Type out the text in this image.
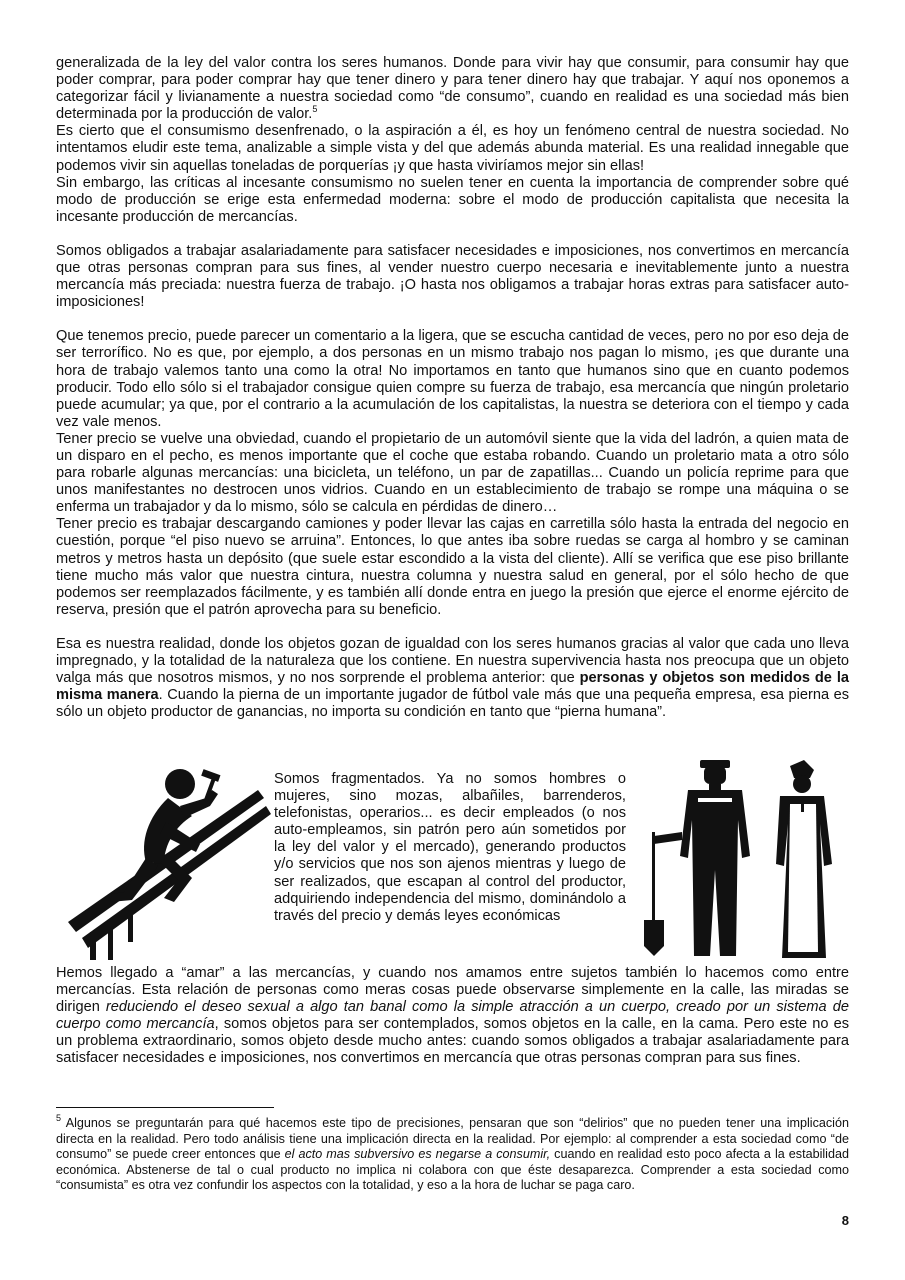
generalizada de la ley del valor contra los seres humanos. Donde para vivir hay que consumir, para consumir hay que poder comprar, para poder comprar hay que tener dinero y para tener dinero hay que trabajar. Y aquí nos oponemos a categorizar fácil y livianamente a nuestra sociedad como “de consumo”, cuando en realidad es una sociedad más bien determinada por la producción de valor.$^5$

Es cierto que el consumismo desenfrenado, o la aspiración a él, es hoy un fenómeno central de nuestra sociedad. No intentamos eludir este tema, analizable a simple vista y del que además abunda material. Es una realidad innegable que podemos vivir sin aquellas toneladas de porquerías ¡y que hasta viviríamos mejor sin ellas!

Sin embargo, las críticas al incesante consumismo no suelen tener en cuenta la importancia de comprender sobre qué modo de producción se erige esta enfermedad moderna: sobre el modo de producción capitalista que necesita la incesante producción de mercancías.

Somos obligados a trabajar asalariadamente para satisfacer necesidades e imposiciones, nos convertimos en mercancía que otras personas compran para sus fines, al vender nuestro cuerpo necesaria e inevitablemente junto a nuestra mercancía más preciada: nuestra fuerza de trabajo. ¡O hasta nos obligamos a trabajar horas extras para satisfacer auto-imposiciones!

Que tenemos precio, puede parecer un comentario a la ligera, que se escucha cantidad de veces, pero no por eso deja de ser terrorífico. No es que, por ejemplo, a dos personas en un mismo trabajo nos pagan lo mismo, ¡es que durante una hora de trabajo valemos tanto una como la otra! No importamos en tanto que humanos sino que en cuanto podemos producir. Todo ello sólo si el trabajador consigue quien compre su fuerza de trabajo, esa mercancía que ningún proletario puede acumular; ya que, por el contrario a la acumulación de los capitalistas, la nuestra se deteriora con el tiempo y cada vez vale menos.

Tener precio se vuelve una obviedad, cuando el propietario de un automóvil siente que la vida del ladrón, a quien mata de un disparo en el pecho, es menos importante que el coche que estaba robando. Cuando un proletario mata a otro sólo para robarle algunas mercancías: una bicicleta, un teléfono, un par de zapatillas... Cuando un policía reprime para que unos manifestantes no destrocen unos vidrios. Cuando en un establecimiento de trabajo se rompe una máquina o se enferma un trabajador y da lo mismo, sólo se calcula en pérdidas de dinero…

Tener precio es trabajar descargando camiones y poder llevar las cajas en carretilla sólo hasta la entrada del negocio en cuestión, porque “el piso nuevo se arruina”. Entonces, lo que antes iba sobre ruedas se carga al hombro y se caminan metros y metros hasta un depósito (que suele estar escondido a la vista del cliente). Allí se verifica que ese piso brillante tiene mucho más valor que nuestra cintura, nuestra columna y nuestra salud en general, por el sólo hecho de que podemos ser reemplazados fácilmente, y es también allí donde entra en juego la presión que ejerce el enorme ejército de reserva, presión que el patrón aprovecha para su beneficio.

Esa es nuestra realidad, donde los objetos gozan de igualdad con los seres humanos gracias al valor que cada uno lleva impregnado, y la totalidad de la naturaleza que los contiene. En nuestra supervivencia hasta nos preocupa que un objeto valga más que nosotros mismos, y no nos sorprende el problema anterior: que personas y objetos son medidos de la misma manera. Cuando la pierna de un importante jugador de fútbol vale más que una pequeña empresa, esa pierna es sólo un objeto productor de ganancias, no importa su condición en tanto que “pierna humana”.

Somos fragmentados. Ya no somos hombres o mujeres, sino mozas, albañiles, barrenderos, telefonistas, operarios... es decir empleados (o nos auto-empleamos, sin patrón pero aún sometidos por la ley del valor y el mercado), generando productos y/o servicios que nos son ajenos mientras y luego de ser realizados, que escapan al control del productor, adquiriendo independencia del mismo, dominándolo a través del precio y demás leyes económicas

Hemos llegado a “amar” a las mercancías, y cuando nos amamos entre sujetos también lo hacemos como entre mercancías. Esta relación de personas como meras cosas puede observarse simplemente en la calle, las miradas se dirigen reduciendo el deseo sexual a algo tan banal como la simple atracción a un cuerpo, creado por un sistema de cuerpo como mercancía, somos objetos para ser contemplados, somos objetos en la calle, en la cama. Pero este no es un problema extraordinario, somos objeto desde mucho antes: cuando somos obligados a trabajar asalariadamente para satisfacer necesidades e imposiciones, nos convertimos en mercancía que otras personas compran para sus fines.

$^5$ Algunos se preguntarán para qué hacemos este tipo de precisiones, pensaran que son “delirios” que no pueden tener una implicación directa en la realidad. Pero todo análisis tiene una implicación directa en la realidad. Por ejemplo: al comprender a esta sociedad como “de consumo” se puede creer entonces que el acto mas subversivo es negarse a consumir, cuando en realidad esto poco afecta a la estabilidad económica. Abstenerse de tal o cual producto no implica ni colabora con que éste desaparezca. Comprender a esta sociedad como “consumista” es otra vez confundir los aspectos con la totalidad, y eso a la hora de luchar se paga caro.

8
